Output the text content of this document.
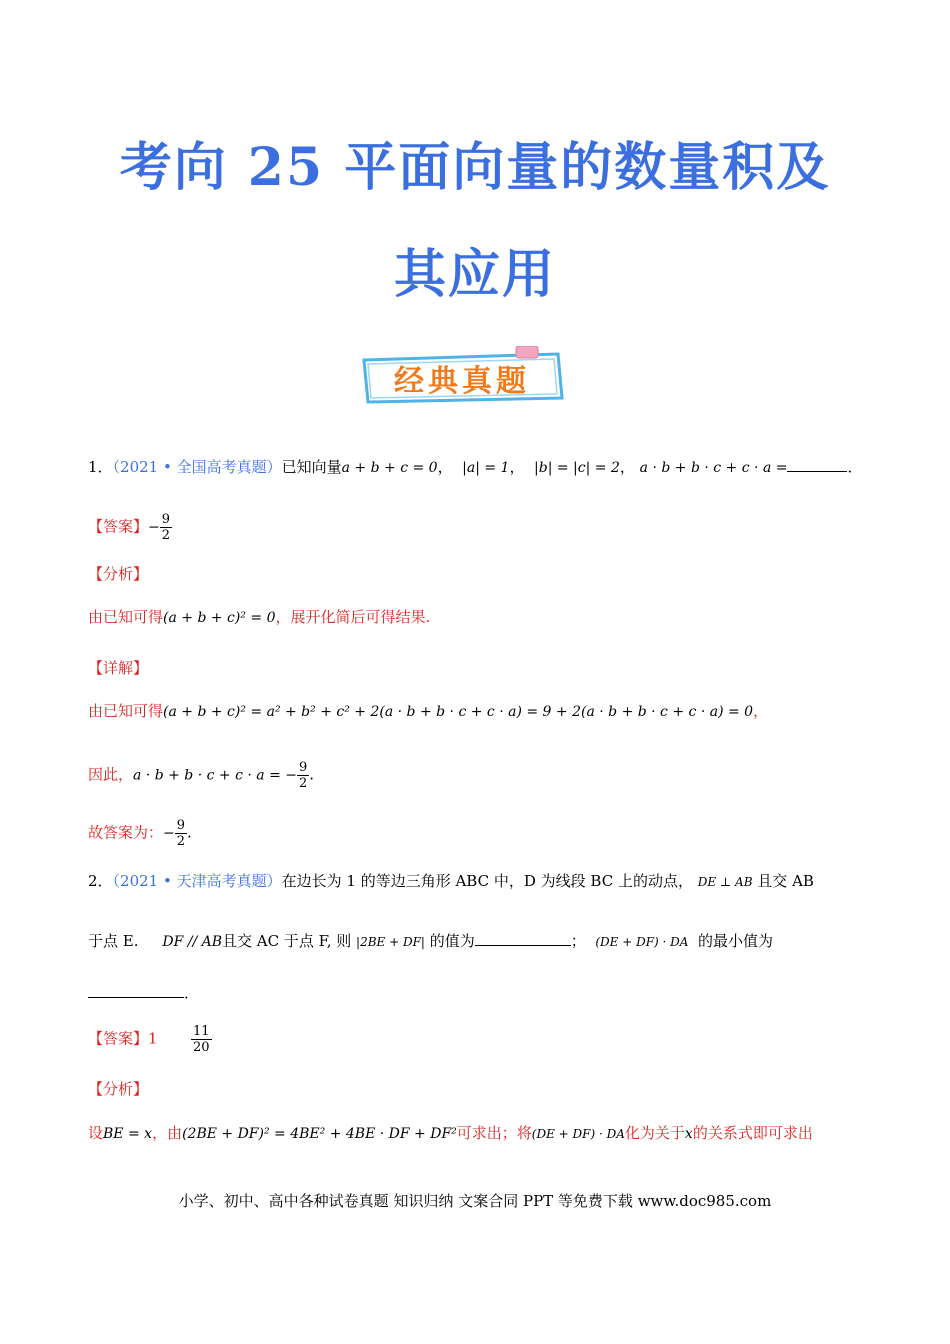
考向 25 平面向量的数量积及
其应用
经典真题
1．（2021 • 全国高考真题）已知向量a + b + c = 0， |a| = 1， |b| = |c| = 2， a · b + b · c + c · a =	．
【答案】− $\frac{9}{2}$
【分析】
由已知可得(a + b + c)² = 0，展开化简后可得结果.
【详解】
由已知可得(a + b + c)² = a² + b² + c² + 2(a · b + b · c + c · a) = 9 + 2(a · b + b · c + c · a) = 0，
因此，a · b + b · c + c · a = − $\frac{9}{2}$ .
故答案为：− $\frac{9}{2}$ .
2．（2021 • 天津高考真题）在边长为 1 的等边三角形 ABC 中，D 为线段 BC 上的动点， DE ⊥ AB 且交 AB
于点 E. DF // AB且交 AC 于点 F, 则 |2BE + DF| 的值为	； (DE + DF) · DA 的最小值为
．
【答案】1	$\frac{11}{20}$
【分析】
设BE = x，由(2BE + DF)² = 4BE² + 4BE · DF + DF²可求出；将(DE + DF) · DA化为关于x的关系式即可求出
小学、初中、高中各种试卷真题 知识归纳 文案合同 PPT 等免费下载 www.doc985.com
